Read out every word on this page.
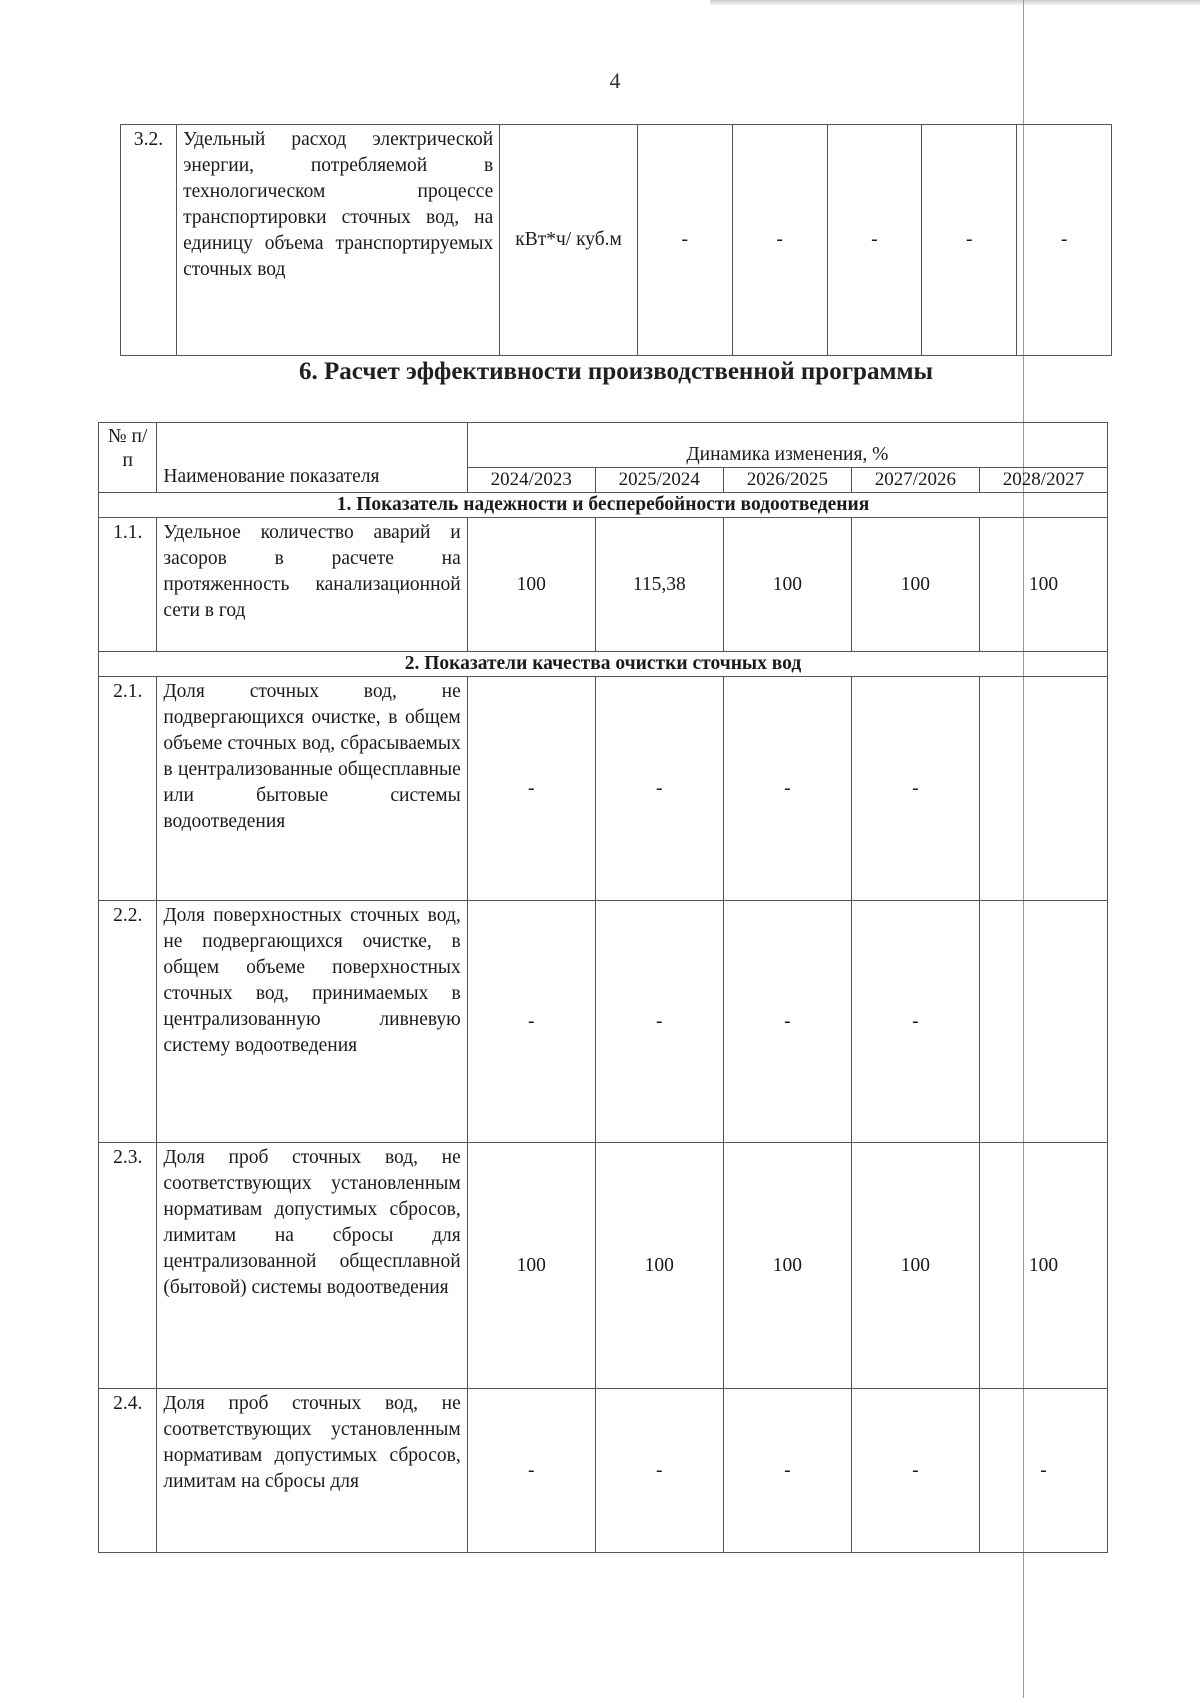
4
3.2.	Удельный расход электрической энергии, потребляемой в технологическом процессе транспортировки сточных вод, на единицу объема транспортируемых сточных вод	кВт*ч/ куб.м	-	-	-	-	-
6. Расчет эффективности производственной программы
№ п/п	Наименование показателя	Динамика изменения, %				
		2024/2023	2025/2024	2026/2025	2027/2026	2028/2027
1. Показатель надежности и бесперебойности водоотведения						
1.1.	Удельное количество аварий и засоров в расчете на протяженность канализационной сети в год	100	115,38	100	100	100
2. Показатели качества очистки сточных вод						
2.1.	Доля сточных вод, не подвергающихся очистке, в общем объеме сточных вод, сбрасываемых в централизованные общесплавные или бытовые системы водоотведения	-	-	-	-	
2.2.	Доля поверхностных сточных вод, не подвергающихся очистке, в общем объеме поверхностных сточных вод, принимаемых в централизованную ливневую систему водоотведения	-	-	-	-	
2.3.	Доля проб сточных вод, не соответствующих установленным нормативам допустимых сбросов, лимитам на сбросы для централизованной общесплавной (бытовой) системы водоотведения	100	100	100	100	100
2.4.	Доля проб сточных вод, не соответствующих установленным нормативам допустимых сбросов, лимитам на сбросы для	-	-	-	-	-
